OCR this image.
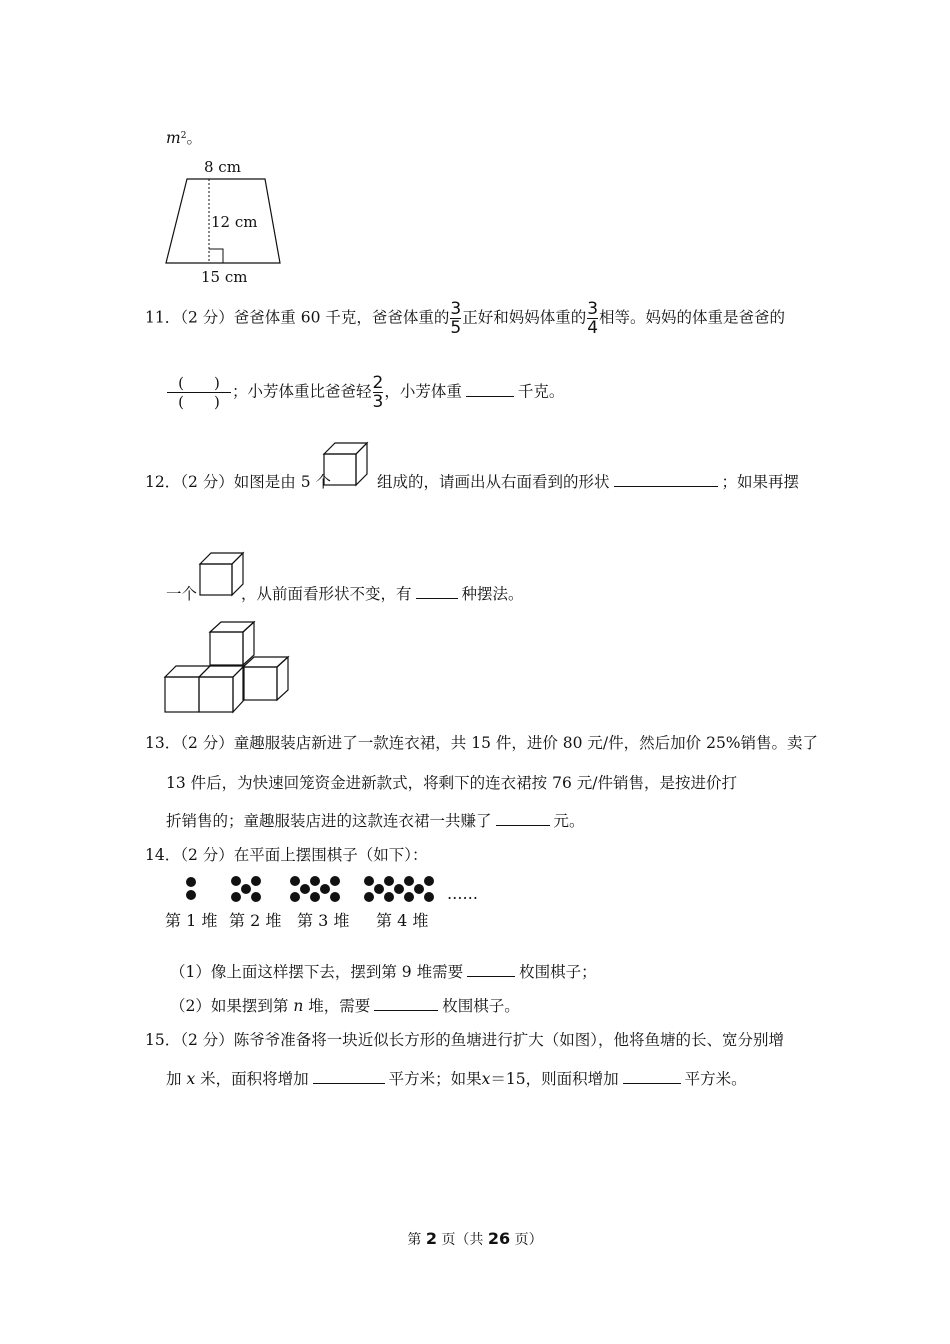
$m^2$。
8 cm
12 cm
15 cm
11．（2 分）爸爸体重 60 千克，爸爸体重的 $\frac{3}{5}$ 正好和妈妈体重的 $\frac{3}{4}$ 相等。妈妈的体重是爸爸的
$\frac{( )}{( )}$ ；小芳体重比爸爸轻 $\frac{2}{3}$ ，小芳体重	千克。
12．（2 分）如图是由 5 个	组成的，请画出从右面看到的形状	；如果再摆
一个	，从前面看形状不变，有	种摆法。
13．（2 分）童趣服装店新进了一款连衣裙，共 15 件，进价 80 元/件，然后加价 25%销售。卖了
13 件后，为快速回笼资金进新款式，将剩下的连衣裙按 76 元/件销售，是按进价打
折销售的；童趣服装店进的这款连衣裙一共赚了	元。
14．（2 分）在平面上摆围棋子（如下）：
……
第 1 堆 第 2 堆 第 3 堆 第 4 堆
（1）像上面这样摆下去，摆到第 9 堆需要	枚围棋子；
（2）如果摆到第 n 堆，需要	枚围棋子。
15．（2 分）陈爷爷准备将一块近似长方形的鱼塘进行扩大（如图），他将鱼塘的长、宽分别增
加 x 米，面积将增加	平方米；如果x＝15，则面积增加	平方米。
第 2 页（共 26 页）
